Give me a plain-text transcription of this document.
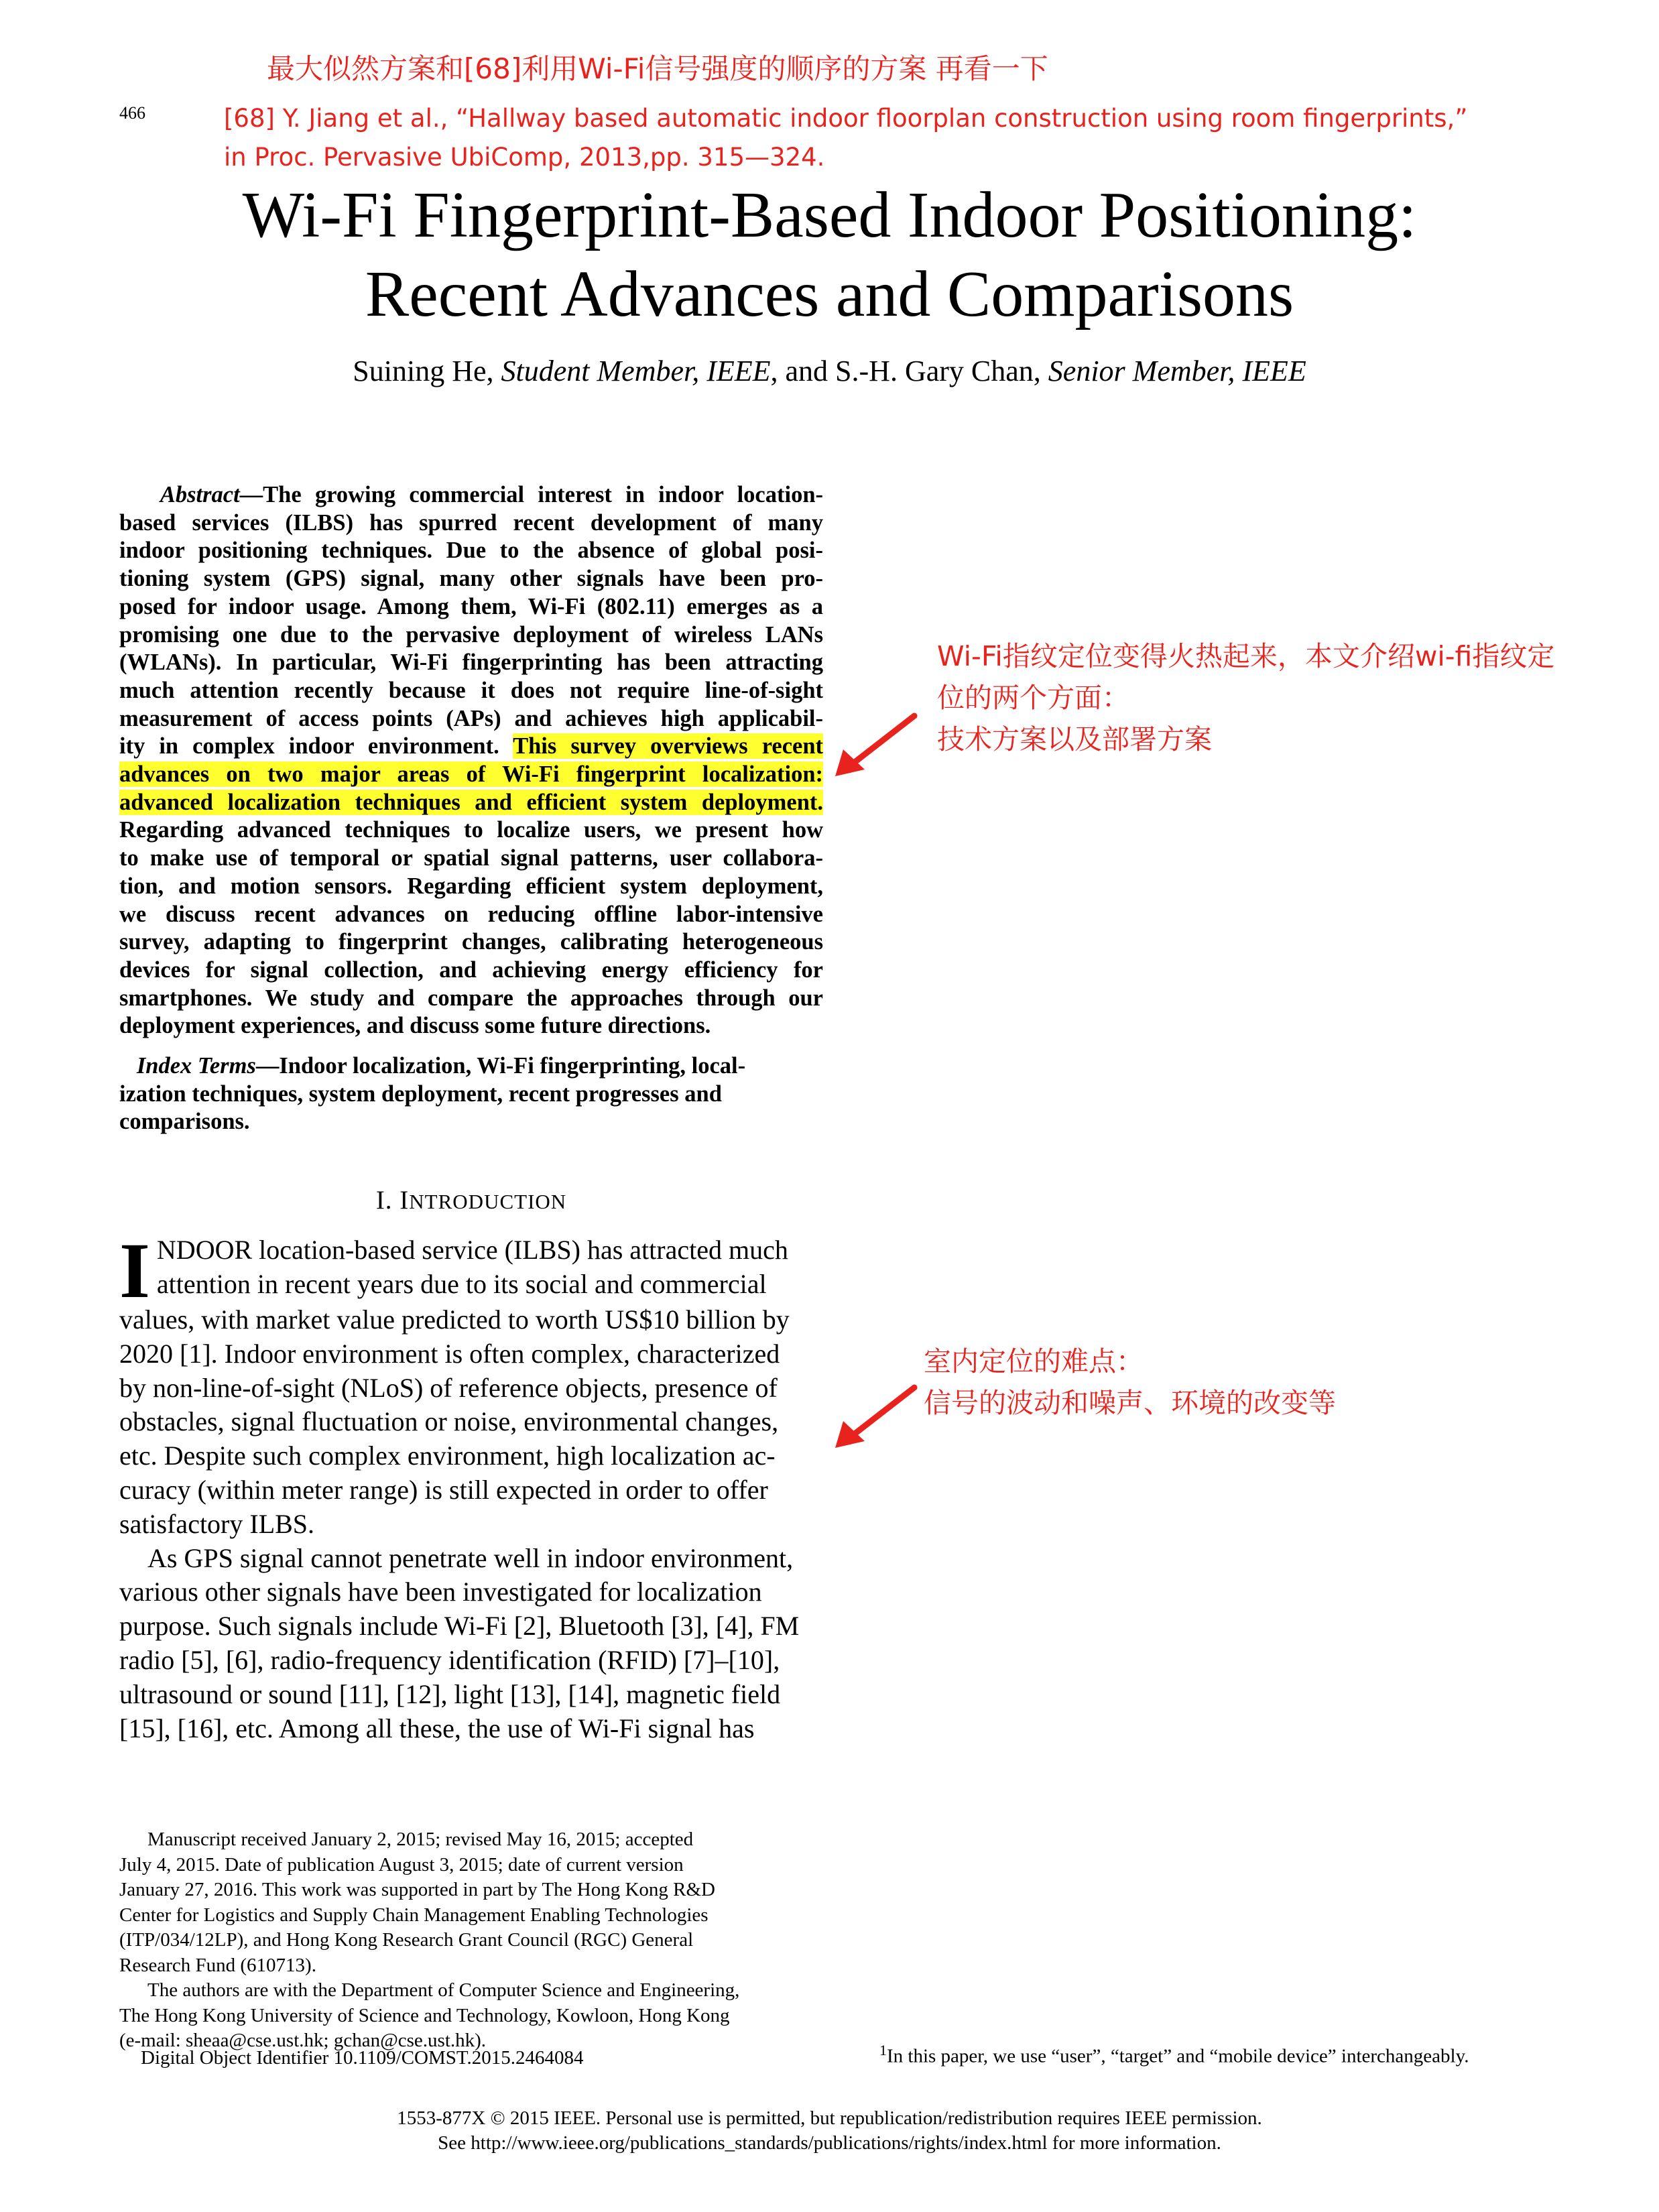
最大似然方案和[68]利用Wi-Fi信号强度的顺序的方案 再看一下
466	[68] Y. Jiang et al., “Hallway based automatic indoor floorplan construction using room fingerprints,”
in Proc. Pervasive UbiComp, 2013,pp. 315—324.
Wi-Fi Fingerprint-Based Indoor Positioning:
Recent Advances and Comparisons
Suining He, Student Member, IEEE, and S.-H. Gary Chan, Senior Member, IEEE
Abstract—The growing commercial interest in indoor location-
based services (ILBS) has spurred recent development of many
indoor positioning techniques. Due to the absence of global posi-
tioning system (GPS) signal, many other signals have been pro-
posed for indoor usage. Among them, Wi-Fi (802.11) emerges as a
promising one due to the pervasive deployment of wireless LANs
(WLANs). In particular, Wi-Fi fingerprinting has been attracting
much attention recently because it does not require line-of-sight
measurement of access points (APs) and achieves high applicabil-
ity in complex indoor environment. This survey overviews recent
advances on two major areas of Wi-Fi fingerprint localization:
advanced localization techniques and efficient system deployment.
Regarding advanced techniques to localize users, we present how
to make use of temporal or spatial signal patterns, user collabora-
tion, and motion sensors. Regarding efficient system deployment,
we discuss recent advances on reducing offline labor-intensive
survey, adapting to fingerprint changes, calibrating heterogeneous
devices for signal collection, and achieving energy efficiency for
smartphones. We study and compare the approaches through our
deployment experiences, and discuss some future directions.
Index Terms—Indoor localization, Wi-Fi fingerprinting, local-
ization techniques, system deployment, recent progresses and
comparisons.
I. INTRODUCTION
I NDOOR location-based service (ILBS) has attracted much
attention in recent years due to its social and commercial
values, with market value predicted to worth US$10 billion by
2020 [1]. Indoor environment is often complex, characterized
by non-line-of-sight (NLoS) of reference objects, presence of
obstacles, signal fluctuation or noise, environmental changes,
etc. Despite such complex environment, high localization ac-
curacy (within meter range) is still expected in order to offer
satisfactory ILBS.
As GPS signal cannot penetrate well in indoor environment,
various other signals have been investigated for localization
purpose. Such signals include Wi-Fi [2], Bluetooth [3], [4], FM
radio [5], [6], radio-frequency identification (RFID) [7]–[10],
ultrasound or sound [11], [12], light [13], [14], magnetic field
[15], [16], etc. Among all these, the use of Wi-Fi signal has
Manuscript received January 2, 2015; revised May 16, 2015; accepted
July 4, 2015. Date of publication August 3, 2015; date of current version
January 27, 2016. This work was supported in part by The Hong Kong R&D
Center for Logistics and Supply Chain Management Enabling Technologies
(ITP/034/12LP), and Hong Kong Research Grant Council (RGC) General
Research Fund (610713).
The authors are with the Department of Computer Science and Engineering,
The Hong Kong University of Science and Technology, Kowloon, Hong Kong
(e-mail: sheaa@cse.ust.hk; gchan@cse.ust.hk).
Digital Object Identifier 10.1109/COMST.2015.2464084	$^1$In this paper, we use “user”, “target” and “mobile device” interchangeably.
1553-877X © 2015 IEEE. Personal use is permitted, but republication/redistribution requires IEEE permission.
See http://www.ieee.org/publications_standards/publications/rights/index.html for more information.
Wi-Fi指纹定位变得火热起来，本文介绍wi-fi指纹定
位的两个方面：
技术方案以及部署方案
室内定位的难点：
信号的波动和噪声、环境的改变等
